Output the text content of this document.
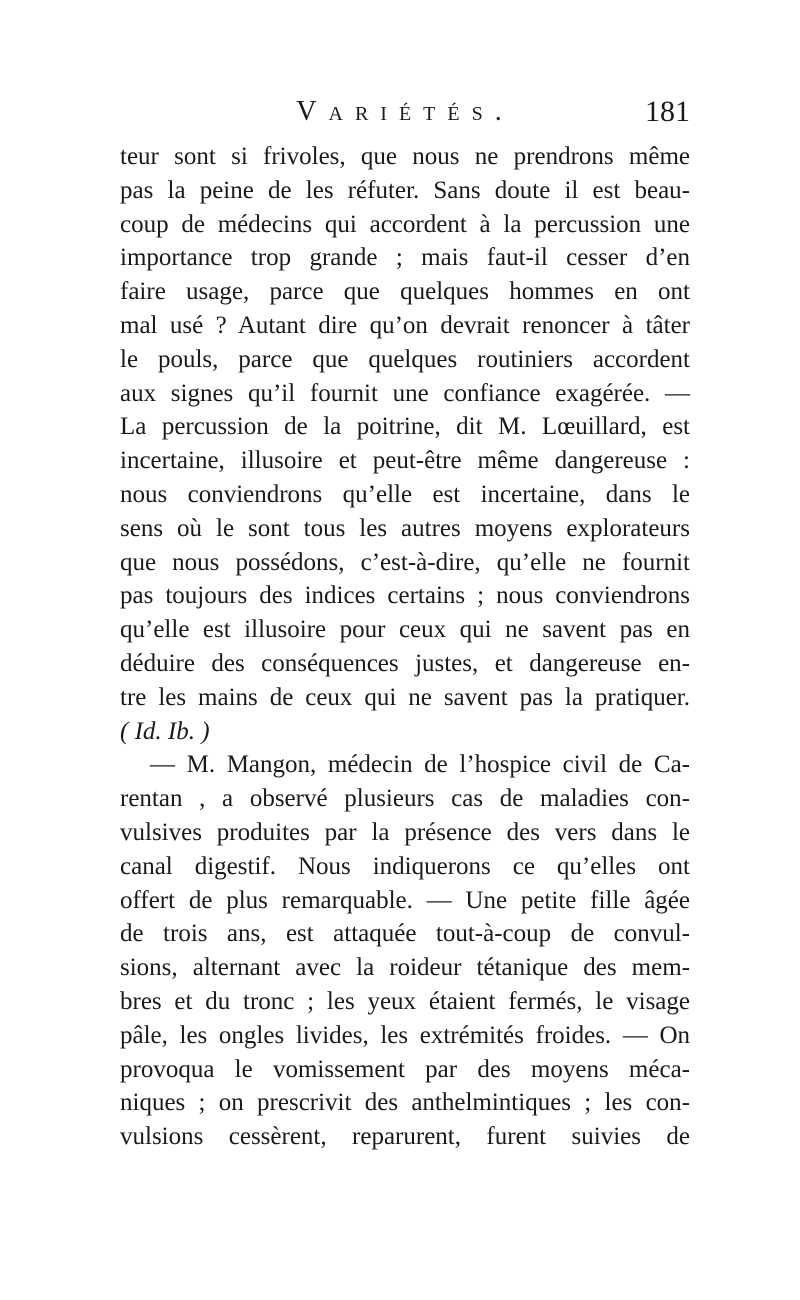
Variétés.	181
teur sont si frivoles, que nous ne prendrons même
pas la peine de les réfuter. Sans doute il est beau-
coup de médecins qui accordent à la percussion une
importance trop grande ; mais faut-il cesser d’en
faire usage, parce que quelques hommes en ont
mal usé ? Autant dire qu’on devrait renoncer à tâter
le pouls, parce que quelques routiniers accordent
aux signes qu’il fournit une confiance exagérée. —
La percussion de la poitrine, dit M. Lœuillard, est
incertaine, illusoire et peut-être même dangereuse :
nous conviendrons qu’elle est incertaine, dans le
sens où le sont tous les autres moyens explorateurs
que nous possédons, c’est-à-dire, qu’elle ne fournit
pas toujours des indices certains ; nous conviendrons
qu’elle est illusoire pour ceux qui ne savent pas en
déduire des conséquences justes, et dangereuse en-
tre les mains de ceux qui ne savent pas la pratiquer.
( Id. Ib. )
— M. Mangon, médecin de l’hospice civil de Ca-
rentan , a observé plusieurs cas de maladies con-
vulsives produites par la présence des vers dans le
canal digestif. Nous indiquerons ce qu’elles ont
offert de plus remarquable. — Une petite fille âgée
de trois ans, est attaquée tout-à-coup de convul-
sions, alternant avec la roideur tétanique des mem-
bres et du tronc ; les yeux étaient fermés, le visage
pâle, les ongles livides, les extrémités froides. — On
provoqua le vomissement par des moyens méca-
niques ; on prescrivit des anthelmintiques ; les con-
vulsions cessèrent, reparurent, furent suivies de
